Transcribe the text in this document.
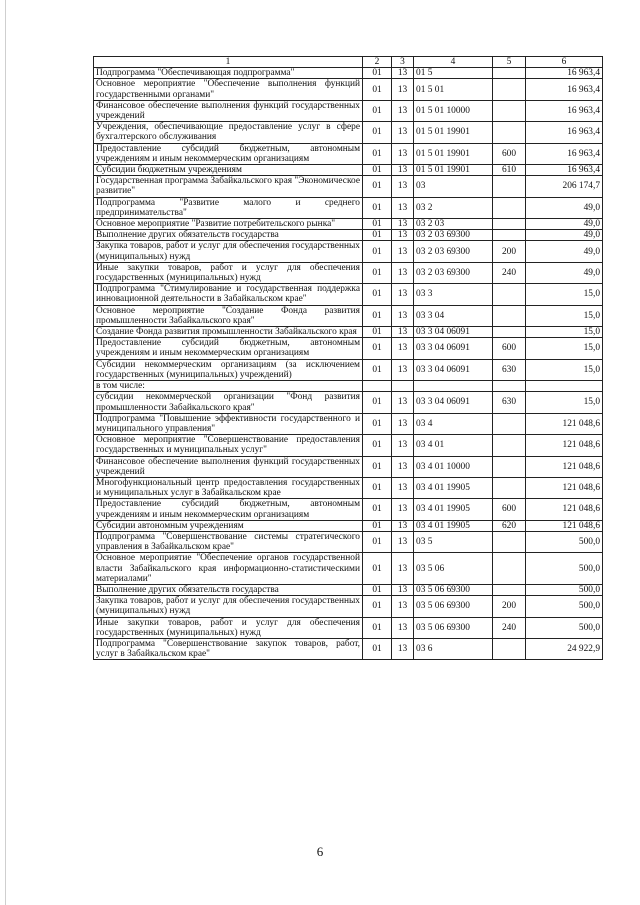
1	2	3	4	5	6
Подпрограмма "Обеспечивающая подпрограмма"	01	13	01 5		16 963,4
Основное мероприятие "Обеспечение выполнения функций государственными органами"	01	13	01 5 01		16 963,4
Финансовое обеспечение выполнения функций государственных учреждений	01	13	01 5 01 10000		16 963,4
Учреждения, обеспечивающие предоставление услуг в сфере бухгалтерского обслуживания	01	13	01 5 01 19901		16 963,4
Предоставление субсидий бюджетным, автономным учреждениям и иным некоммерческим организациям	01	13	01 5 01 19901	600	16 963,4
Субсидии бюджетным учреждениям	01	13	01 5 01 19901	610	16 963,4
Государственная программа Забайкальского края "Экономическое развитие"	01	13	03		206 174,7
Подпрограмма "Развитие малого и среднего предпринимательства"	01	13	03 2		49,0
Основное мероприятие "Развитие потребительского рынка"	01	13	03 2 03		49,0
Выполнение других обязательств государства	01	13	03 2 03 69300		49,0
Закупка товаров, работ и услуг для обеспечения государственных (муниципальных) нужд	01	13	03 2 03 69300	200	49,0
Иные закупки товаров, работ и услуг для обеспечения государственных (муниципальных) нужд	01	13	03 2 03 69300	240	49,0
Подпрограмма "Стимулирование и государственная поддержка инновационной деятельности в Забайкальском крае"	01	13	03 3		15,0
Основное мероприятие "Создание Фонда развития промышленности Забайкальского края"	01	13	03 3 04		15,0
Создание Фонда развития промышленности Забайкальского края	01	13	03 3 04 06091		15,0
Предоставление субсидий бюджетным, автономным учреждениям и иным некоммерческим организациям	01	13	03 3 04 06091	600	15,0
Субсидии некоммерческим организациям (за исключением государственных (муниципальных) учреждений)	01	13	03 3 04 06091	630	15,0
в том числе:					
субсидии некоммерческой организации "Фонд развития промышленности Забайкальского края"	01	13	03 3 04 06091	630	15,0
Подпрограмма "Повышение эффективности государственного и муниципального управления"	01	13	03 4		121 048,6
Основное мероприятие "Совершенствование предоставления государственных и муниципальных услуг"	01	13	03 4 01		121 048,6
Финансовое обеспечение выполнения функций государственных учреждений	01	13	03 4 01 10000		121 048,6
Многофункциональный центр предоставления государственных и муниципальных услуг в Забайкальском крае	01	13	03 4 01 19905		121 048,6
Предоставление субсидий бюджетным, автономным учреждениям и иным некоммерческим организациям	01	13	03 4 01 19905	600	121 048,6
Субсидии автономным учреждениям	01	13	03 4 01 19905	620	121 048,6
Подпрограмма "Совершенствование системы стратегического управления в Забайкальском крае"	01	13	03 5		500,0
Основное мероприятие "Обеспечение органов государственной власти Забайкальского края информационно-статистическими материалами"	01	13	03 5 06		500,0
Выполнение других обязательств государства	01	13	03 5 06 69300		500,0
Закупка товаров, работ и услуг для обеспечения государственных (муниципальных) нужд	01	13	03 5 06 69300	200	500,0
Иные закупки товаров, работ и услуг для обеспечения государственных (муниципальных) нужд	01	13	03 5 06 69300	240	500,0
Подпрограмма "Совершенствование закупок товаров, работ, услуг в Забайкальском крае"	01	13	03 6		24 922,9
6
